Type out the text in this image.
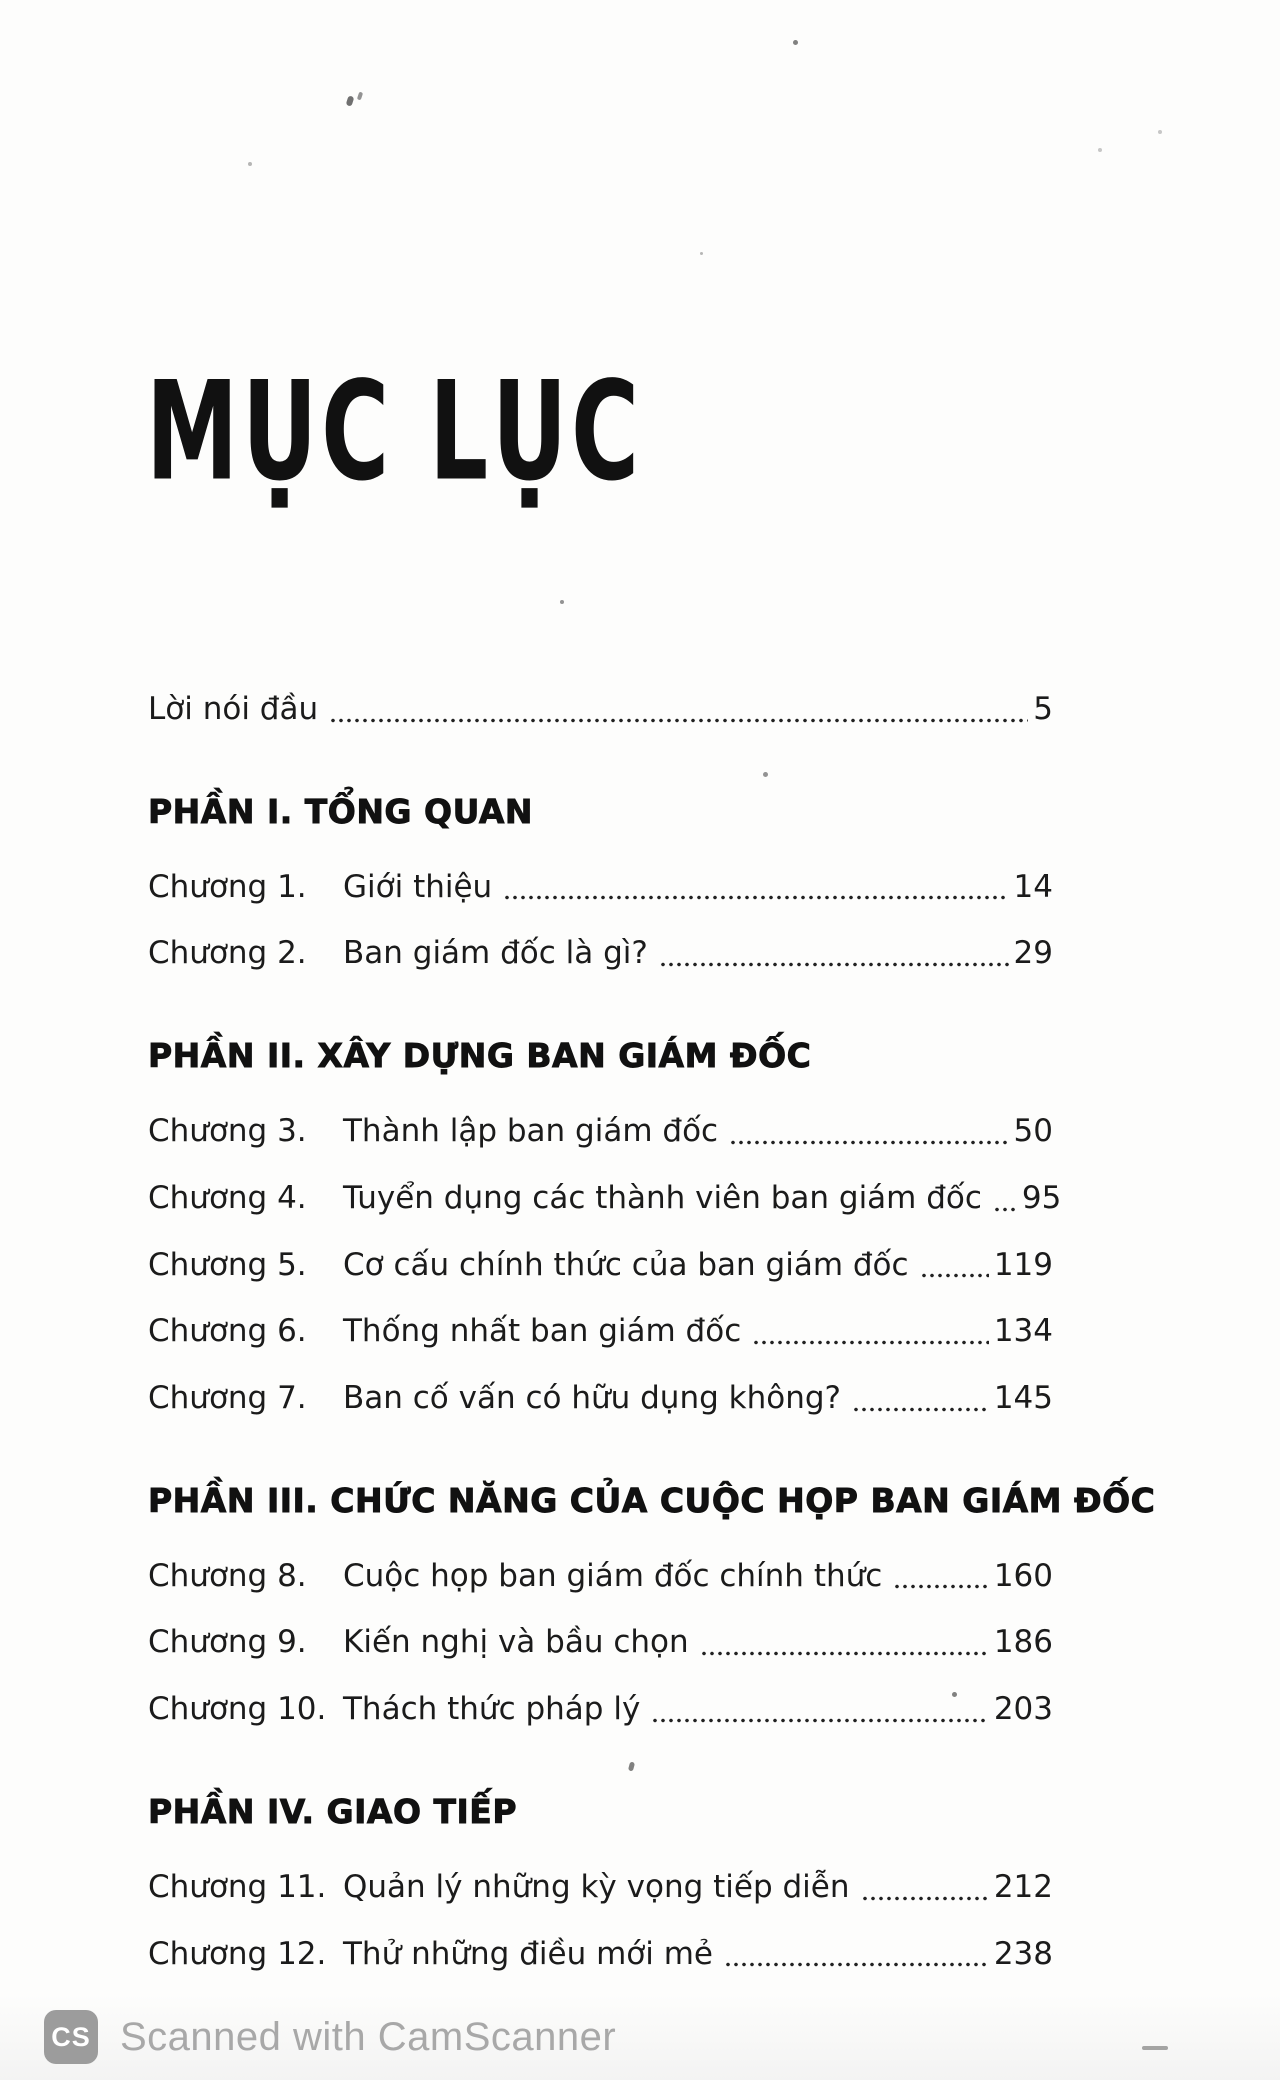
MỤC LỤC
Lời nói đầu	5
PHẦN I. TỔNG QUAN
Chương 1.	Giới thiệu	14
Chương 2.	Ban giám đốc là gì?	29
PHẦN II. XÂY DỰNG BAN GIÁM ĐỐC
Chương 3.	Thành lập ban giám đốc	50
Chương 4.	Tuyển dụng các thành viên ban giám đốc 95
Chương 5.	Cơ cấu chính thức của ban giám đốc	119
Chương 6.	Thống nhất ban giám đốc	134
Chương 7.	Ban cố vấn có hữu dụng không?	145
PHẦN III. CHỨC NĂNG CỦA CUỘC HỌP BAN GIÁM ĐỐC
Chương 8.	Cuộc họp ban giám đốc chính thức	160
Chương 9.	Kiến nghị và bầu chọn	186
Chương 10. Thách thức pháp lý	203
PHẦN IV. GIAO TIẾP
Chương 11. Quản lý những kỳ vọng tiếp diễn	212
Chương 12. Thử những điều mới mẻ	238
CS Scanned with CamScanner
